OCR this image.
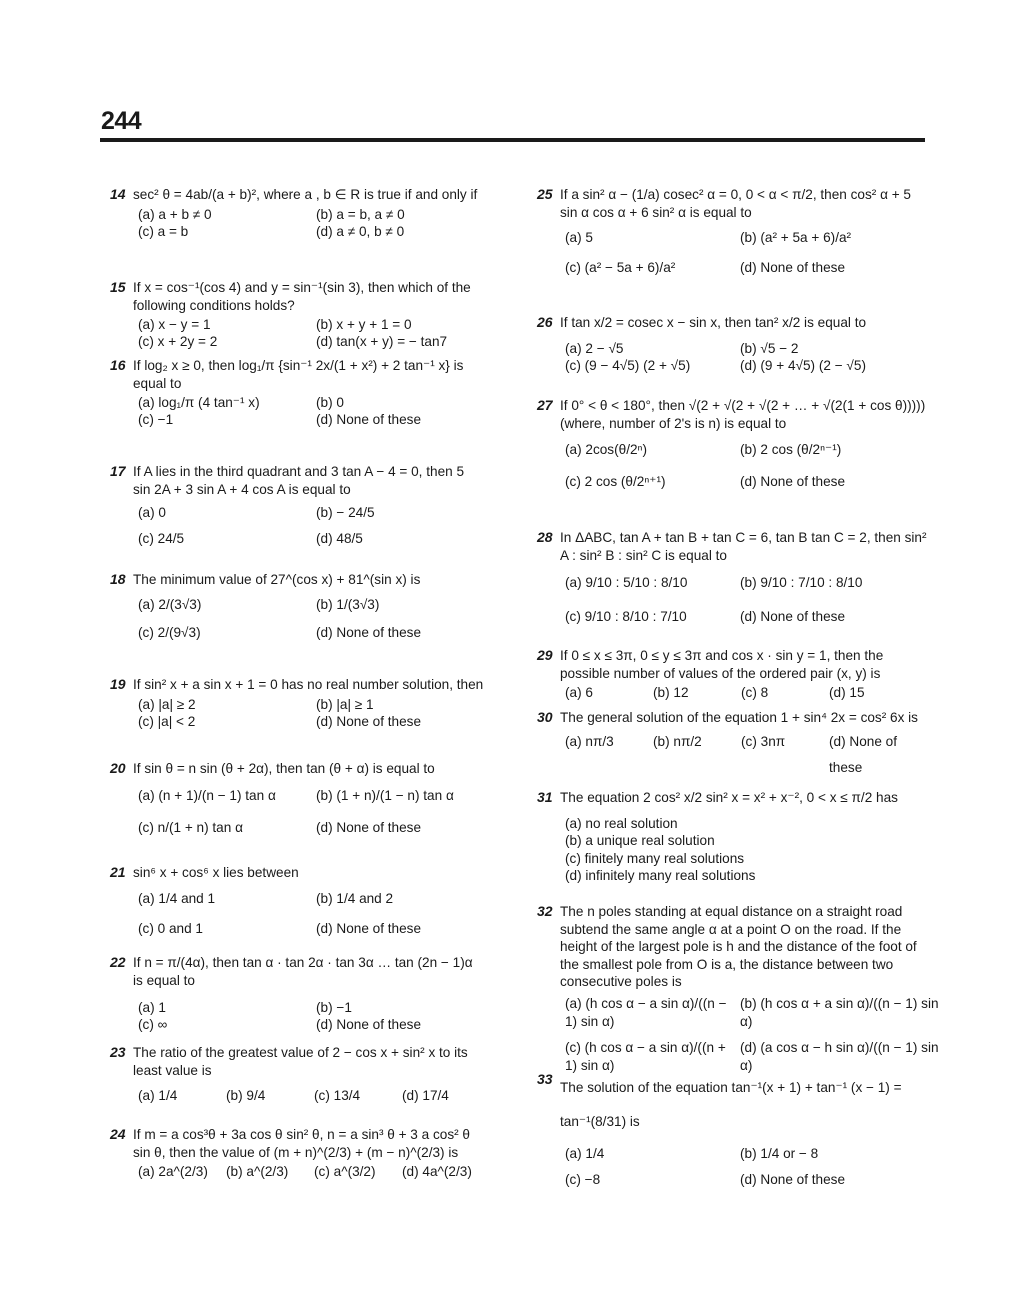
244
14 sec² θ = 4ab/(a + b)², where a , b ∈ R is true if and only if
(a) a + b ≠ 0	(b) a = b, a ≠ 0
(c) a = b	(d) a ≠ 0, b ≠ 0
15 If x = cos⁻¹(cos 4) and y = sin⁻¹(sin 3), then which of the following conditions holds?
(a) x − y = 1	(b) x + y + 1 = 0
(c) x + 2y = 2	(d) tan(x + y) = − tan7
16 If log₂ x ≥ 0, then log₁/π {sin⁻¹ 2x/(1 + x²) + 2 tan⁻¹ x} is equal to
(a) log₁/π (4 tan⁻¹ x)	(b) 0
(c) −1	(d) None of these
17 If A lies in the third quadrant and 3 tan A − 4 = 0, then 5 sin 2A + 3 sin A + 4 cos A is equal to
(a) 0	(b) − 24/5
(c) 24/5	(d) 48/5
18 The minimum value of 27^(cos x) + 81^(sin x) is
(a) 2/(3√3)	(b) 1/(3√3)
(c) 2/(9√3)	(d) None of these
19 If sin² x + a sin x + 1 = 0 has no real number solution, then
(a) |a| ≥ 2	(b) |a| ≥ 1
(c) |a| < 2	(d) None of these
20 If sin θ = n sin (θ + 2α), then tan (θ + α) is equal to
(a) (n + 1)/(n − 1) tan α	(b) (1 + n)/(1 − n) tan α
(c) n/(1 + n) tan α	(d) None of these
21 sin⁶ x + cos⁶ x lies between
(a) 1/4 and 1	(b) 1/4 and 2
(c) 0 and 1	(d) None of these
22 If n = π/(4α), then tan α · tan 2α · tan 3α … tan (2n − 1)α is equal to
(a) 1	(b) −1
(c) ∞	(d) None of these
23 The ratio of the greatest value of 2 − cos x + sin² x to its least value is
(a) 1/4	(b) 9/4	(c) 13/4	(d) 17/4
24 If m = a cos³θ + 3a cos θ sin² θ, n = a sin³ θ + 3 a cos² θ sin θ, then the value of (m + n)^(2/3) + (m − n)^(2/3) is
(a) 2a^(2/3)	(b) a^(2/3)	(c) a^(3/2)	(d) 4a^(2/3)
25 If a sin² α − (1/a) cosec² α = 0, 0 < α < π/2, then cos² α + 5 sin α cos α + 6 sin² α is equal to
(a) 5	(b) (a² + 5a + 6)/a²
(c) (a² − 5a + 6)/a²	(d) None of these
26 If tan x/2 = cosec x − sin x, then tan² x/2 is equal to
(a) 2 − √5	(b) √5 − 2
(c) (9 − 4√5) (2 + √5)	(d) (9 + 4√5) (2 − √5)
27 If 0° < θ < 180°, then √(2 + √(2 + √(2 + … + √(2(1 + cos θ))))) (where, number of 2's is n) is equal to
(a) 2cos(θ/2ⁿ)	(b) 2 cos (θ/2ⁿ⁻¹)
(c) 2 cos (θ/2ⁿ⁺¹)	(d) None of these
28 In ΔABC, tan A + tan B + tan C = 6, tan B tan C = 2, then sin² A : sin² B : sin² C is equal to
(a) 9/10 : 5/10 : 8/10	(b) 9/10 : 7/10 : 8/10
(c) 9/10 : 8/10 : 7/10	(d) None of these
29 If 0 ≤ x ≤ 3π, 0 ≤ y ≤ 3π and cos x · sin y = 1, then the possible number of values of the ordered pair (x, y) is
(a) 6	(b) 12	(c) 8	(d) 15
30 The general solution of the equation 1 + sin⁴ 2x = cos² 6x is
(a) nπ/3	(b) nπ/2	(c) 3nπ	(d) None of these
31 The equation 2 cos² x/2 sin² x = x² + x⁻², 0 < x ≤ π/2 has
(a) no real solution
(b) a unique real solution
(c) finitely many real solutions
(d) infinitely many real solutions
32 The n poles standing at equal distance on a straight road subtend the same angle α at a point O on the road. If the height of the largest pole is h and the distance of the foot of the smallest pole from O is a, the distance between two consecutive poles is
(a) (h cos α − a sin α)/((n − 1) sin α)
(b) (h cos α + a sin α)/((n − 1) sin α)
(c) (h cos α − a sin α)/((n + 1) sin α)
(d) (a cos α − h sin α)/((n − 1) sin α)
33
The solution of the equation tan⁻¹(x + 1) + tan⁻¹ (x − 1) = tan⁻¹(8/31) is
(a) 1/4	(b) 1/4 or − 8
(c) −8	(d) None of these
